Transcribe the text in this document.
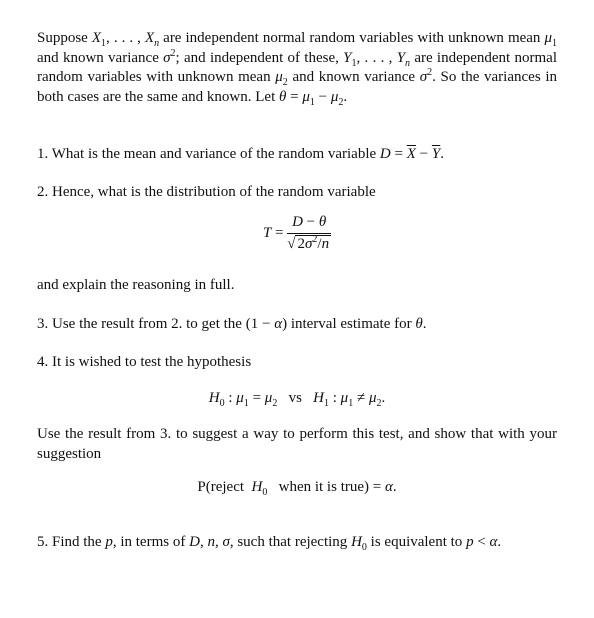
Suppose $X_1$, . . . , $X_n$ are independent normal random variables with unknown mean $\mu_1$ and known variance $\sigma^2$; and independent of these, $Y_1$, . . . , $Y_n$ are independent normal random variables with unknown mean $\mu_2$ and known variance $\sigma^2$. So the variances in both cases are the same and known. Let $\theta = \mu_1 - \mu_2$.
1. What is the mean and variance of the random variable $D = \overline{X} - \overline{Y}$.
2. Hence, what is the distribution of the random variable
$T = \frac{D - \theta}{√ 2\sigma^2/n}$
and explain the reasoning in full.
3. Use the result from 2. to get the (1 − α) interval estimate for θ.
4. It is wished to test the hypothesis
$H_0$ : $\mu_1 = \mu_2$ vs $H_1$ : $\mu_1 \ne \mu_2$.
Use the result from 3. to suggest a way to perform this test, and show that with your suggestion
P(reject $H_0$ when it is true) = α.
5. Find the p, in terms of D, n, σ, such that rejecting $H_0$ is equivalent to p < α.
